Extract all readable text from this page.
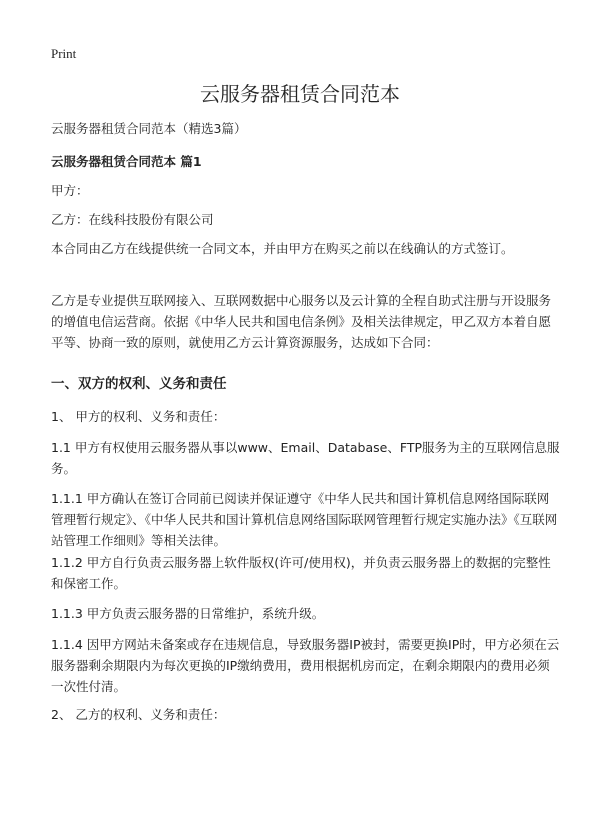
Print
云服务器租赁合同范本
云服务器租赁合同范本（精选3篇）
云服务器租赁合同范本 篇1
甲方：
乙方：在线科技股份有限公司
本合同由乙方在线提供统一合同文本，并由甲方在购买之前以在线确认的方式签订。
乙方是专业提供互联网接入、互联网数据中心服务以及云计算的全程自助式注册与开设服务的增值电信运营商。依据《中华人民共和国电信条例》及相关法律规定，甲乙双方本着自愿平等、协商一致的原则，就使用乙方云计算资源服务，达成如下合同：
一、双方的权利、义务和责任
1、 甲方的权利、义务和责任：
1.1 甲方有权使用云服务器从事以www、Email、Database、FTP服务为主的互联网信息服务。
1.1.1 甲方确认在签订合同前已阅读并保证遵守《中华人民共和国计算机信息网络国际联网管理暂行规定》、《中华人民共和国计算机信息网络国际联网管理暂行规定实施办法》《互联网站管理工作细则》等相关法律。
1.1.2 甲方自行负责云服务器上软件版权(许可/使用权)，并负责云服务器上的数据的完整性和保密工作。
1.1.3 甲方负责云服务器的日常维护，系统升级。
1.1.4 因甲方网站未备案或存在违规信息，导致服务器IP被封，需要更换IP时，甲方必须在云服务器剩余期限内为每次更换的IP缴纳费用，费用根据机房而定，在剩余期限内的费用必须一次性付清。
2、 乙方的权利、义务和责任：
